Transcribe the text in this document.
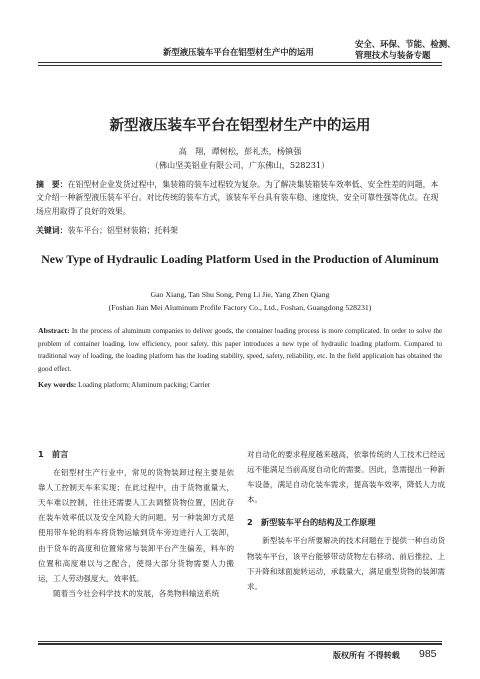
新型液压装车平台在铝型材生产中的运用
安全、环保、节能、检测、
管理技术与装备专题
新型液压装车平台在铝型材生产中的运用
高　翔，谭树松，彭礼杰，杨镇强
（佛山坚美铝业有限公司，广东佛山，528231）
摘　要：在铝型材企业发货过程中，集装箱的装车过程较为复杂。为了解决集装箱装车效率低、安全性差的问题，本文介绍一种新型液压装车平台。对比传统的装车方式，该装车平台具有装车稳、速度快、安全可靠性强等优点。在现场应用取得了良好的效果。
关键词：装车平台；铝型材装箱；托料架
New Type of Hydraulic Loading Platform Used in the Production of Aluminum
Gao Xiang, Tan Shu Song, Peng Li Jie, Yang Zhen Qiang
(Foshan Jian Mei Aluminum Profile Factory Co., Ltd., Foshan, Guangdong 528231)
Abstract: In the process of aluminum companies to deliver goods, the container loading process is more complicated. In order to solve the problem of container loading, low efficiency, poor safety, this paper introduces a new type of hydraulic loading platform. Compared to traditional way of loading, the loading platform has the loading stability, speed, safety, reliability, etc. In the field application has obtained the good effect.
Key words: Loading platform; Aluminum packing; Carrier
1　前言

在铝型材生产行业中，常见的货物装卸过程主要是依靠人工控制天车来实现；在此过程中，由于货物重量大，天车难以控制，往往还需要人工去调整货物位置，因此存在装车效率低以及安全风险大的问题。另一种装卸方式是使用带车轮的料车将货物运输到货车旁边进行人工装卸，由于货车的高度和位置常常与装卸平台产生偏差，料车的位置和高度难以与之配合，使得大部分货物需要人力搬运，工人劳动强度大，效率低。

随着当今社会科学技术的发展，各类物料输送系统

对自动化的要求程度越来越高，依靠传统的人工技术已经远远不能满足当前高度自动化的需要。因此，急需提出一种新车设备，满足自动化装车需求，提高装车效率，降低人力成本。

2　新型装车平台的结构及工作原理

新型装车平台所要解决的技术问题在于提供一种自动货物装车平台，该平台能够带动货物左右移动、前后推拉、上下升降和球面旋转运动，承载量大，满足重型货物的装卸需求。

版权所有 不得转载 985
